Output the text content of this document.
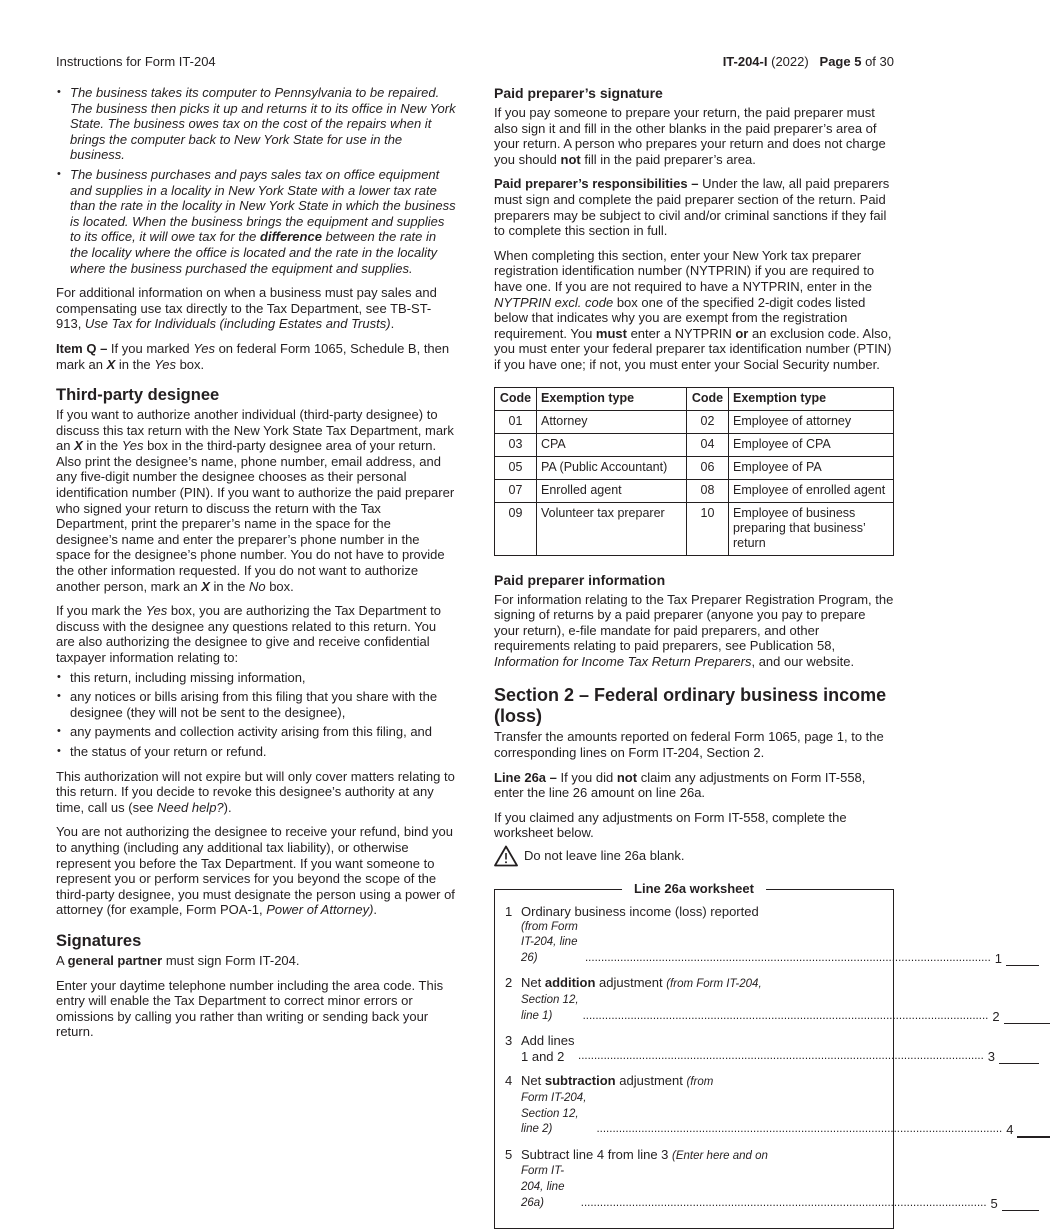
Instructions for Form IT-204	IT-204-I (2022) Page 5 of 30
• The business takes its computer to Pennsylvania to be repaired. The business then picks it up and returns it to its office in New York State. The business owes tax on the cost of the repairs when it brings the computer back to New York State for use in the business.
• The business purchases and pays sales tax on office equipment and supplies in a locality in New York State with a lower tax rate than the rate in the locality in New York State in which the business is located. When the business brings the equipment and supplies to its office, it will owe tax for the difference between the rate in the locality where the office is located and the rate in the locality where the business purchased the equipment and supplies.

For additional information on when a business must pay sales and compensating use tax directly to the Tax Department, see TB-ST-913, Use Tax for Individuals (including Estates and Trusts).

Item Q – If you marked Yes on federal Form 1065, Schedule B, then mark an X in the Yes box.

Third-party designee

If you want to authorize another individual (third-party designee) to discuss this tax return with the New York State Tax Department, mark an X in the Yes box in the third-party designee area of your return. Also print the designee’s name, phone number, email address, and any five-digit number the designee chooses as their personal identification number (PIN). If you want to authorize the paid preparer who signed your return to discuss the return with the Tax Department, print the preparer’s name in the space for the designee’s name and enter the preparer’s phone number in the space for the designee’s phone number. You do not have to provide the other information requested. If you do not want to authorize another person, mark an X in the No box.

If you mark the Yes box, you are authorizing the Tax Department to discuss with the designee any questions related to this return. You are also authorizing the designee to give and receive confidential taxpayer information relating to:

• this return, including missing information,
• any notices or bills arising from this filing that you share with the designee (they will not be sent to the designee),
• any payments and collection activity arising from this filing, and
• the status of your return or refund.

This authorization will not expire but will only cover matters relating to this return. If you decide to revoke this designee’s authority at any time, call us (see Need help?).

You are not authorizing the designee to receive your refund, bind you to anything (including any additional tax liability), or otherwise represent you before the Tax Department. If you want someone to represent you or perform services for you beyond the scope of the third-party designee, you must designate the person using a power of attorney (for example, Form POA-1, Power of Attorney).

Signatures

A general partner must sign Form IT-204.

Enter your daytime telephone number including the area code. This entry will enable the Tax Department to correct minor errors or omissions by calling you rather than writing or sending back your return.

Paid preparer’s signature

If you pay someone to prepare your return, the paid preparer must also sign it and fill in the other blanks in the paid preparer’s area of your return. A person who prepares your return and does not charge you should not fill in the paid preparer’s area.

Paid preparer’s responsibilities – Under the law, all paid preparers must sign and complete the paid preparer section of the return. Paid preparers may be subject to civil and/or criminal sanctions if they fail to complete this section in full.

When completing this section, enter your New York tax preparer registration identification number (NYTPRIN) if you are required to have one. If you are not required to have a NYTPRIN, enter in the NYTPRIN excl. code box one of the specified 2-digit codes listed below that indicates why you are exempt from the registration requirement. You must enter a NYTPRIN or an exclusion code. Also, you must enter your federal preparer tax identification number (PTIN) if you have one; if not, you must enter your Social Security number.

Code	Exemption type	Code	Exemption type
01	Attorney	02	Employee of attorney
03	CPA	04	Employee of CPA
05	PA (Public Accountant)	06	Employee of PA
07	Enrolled agent	08	Employee of enrolled agent
09	Volunteer tax preparer	10	Employee of business preparing that business’ return
Paid preparer information

For information relating to the Tax Preparer Registration Program, the signing of returns by a paid preparer (anyone you pay to prepare your return), e-file mandate for paid preparers, and other requirements relating to paid preparers, see Publication 58, Information for Income Tax Return Preparers, and our website.

Section 2 – Federal ordinary business income (loss)

Transfer the amounts reported on federal Form 1065, page 1, to the corresponding lines on Form IT-204, Section 2.

Line 26a – If you did not claim any adjustments on Form IT-558, enter the line 26 amount on line 26a.

If you claimed any adjustments on Form IT-558, complete the worksheet below.

Do not leave line 26a blank.
Line 26a worksheet
1 Ordinary business income (loss) reported
(from Form IT-204, line 26) .....	1
2 Net addition adjustment (from Form IT-204,
Section 12, line 1) .....	2
3 Add lines 1 and 2 .....	3
4 Net subtraction adjustment (from
Form IT-204, Section 12, line 2) .....	4
5 Subtract line 4 from line 3 (Enter here and on
Form IT-204, line 26a) .....	5
